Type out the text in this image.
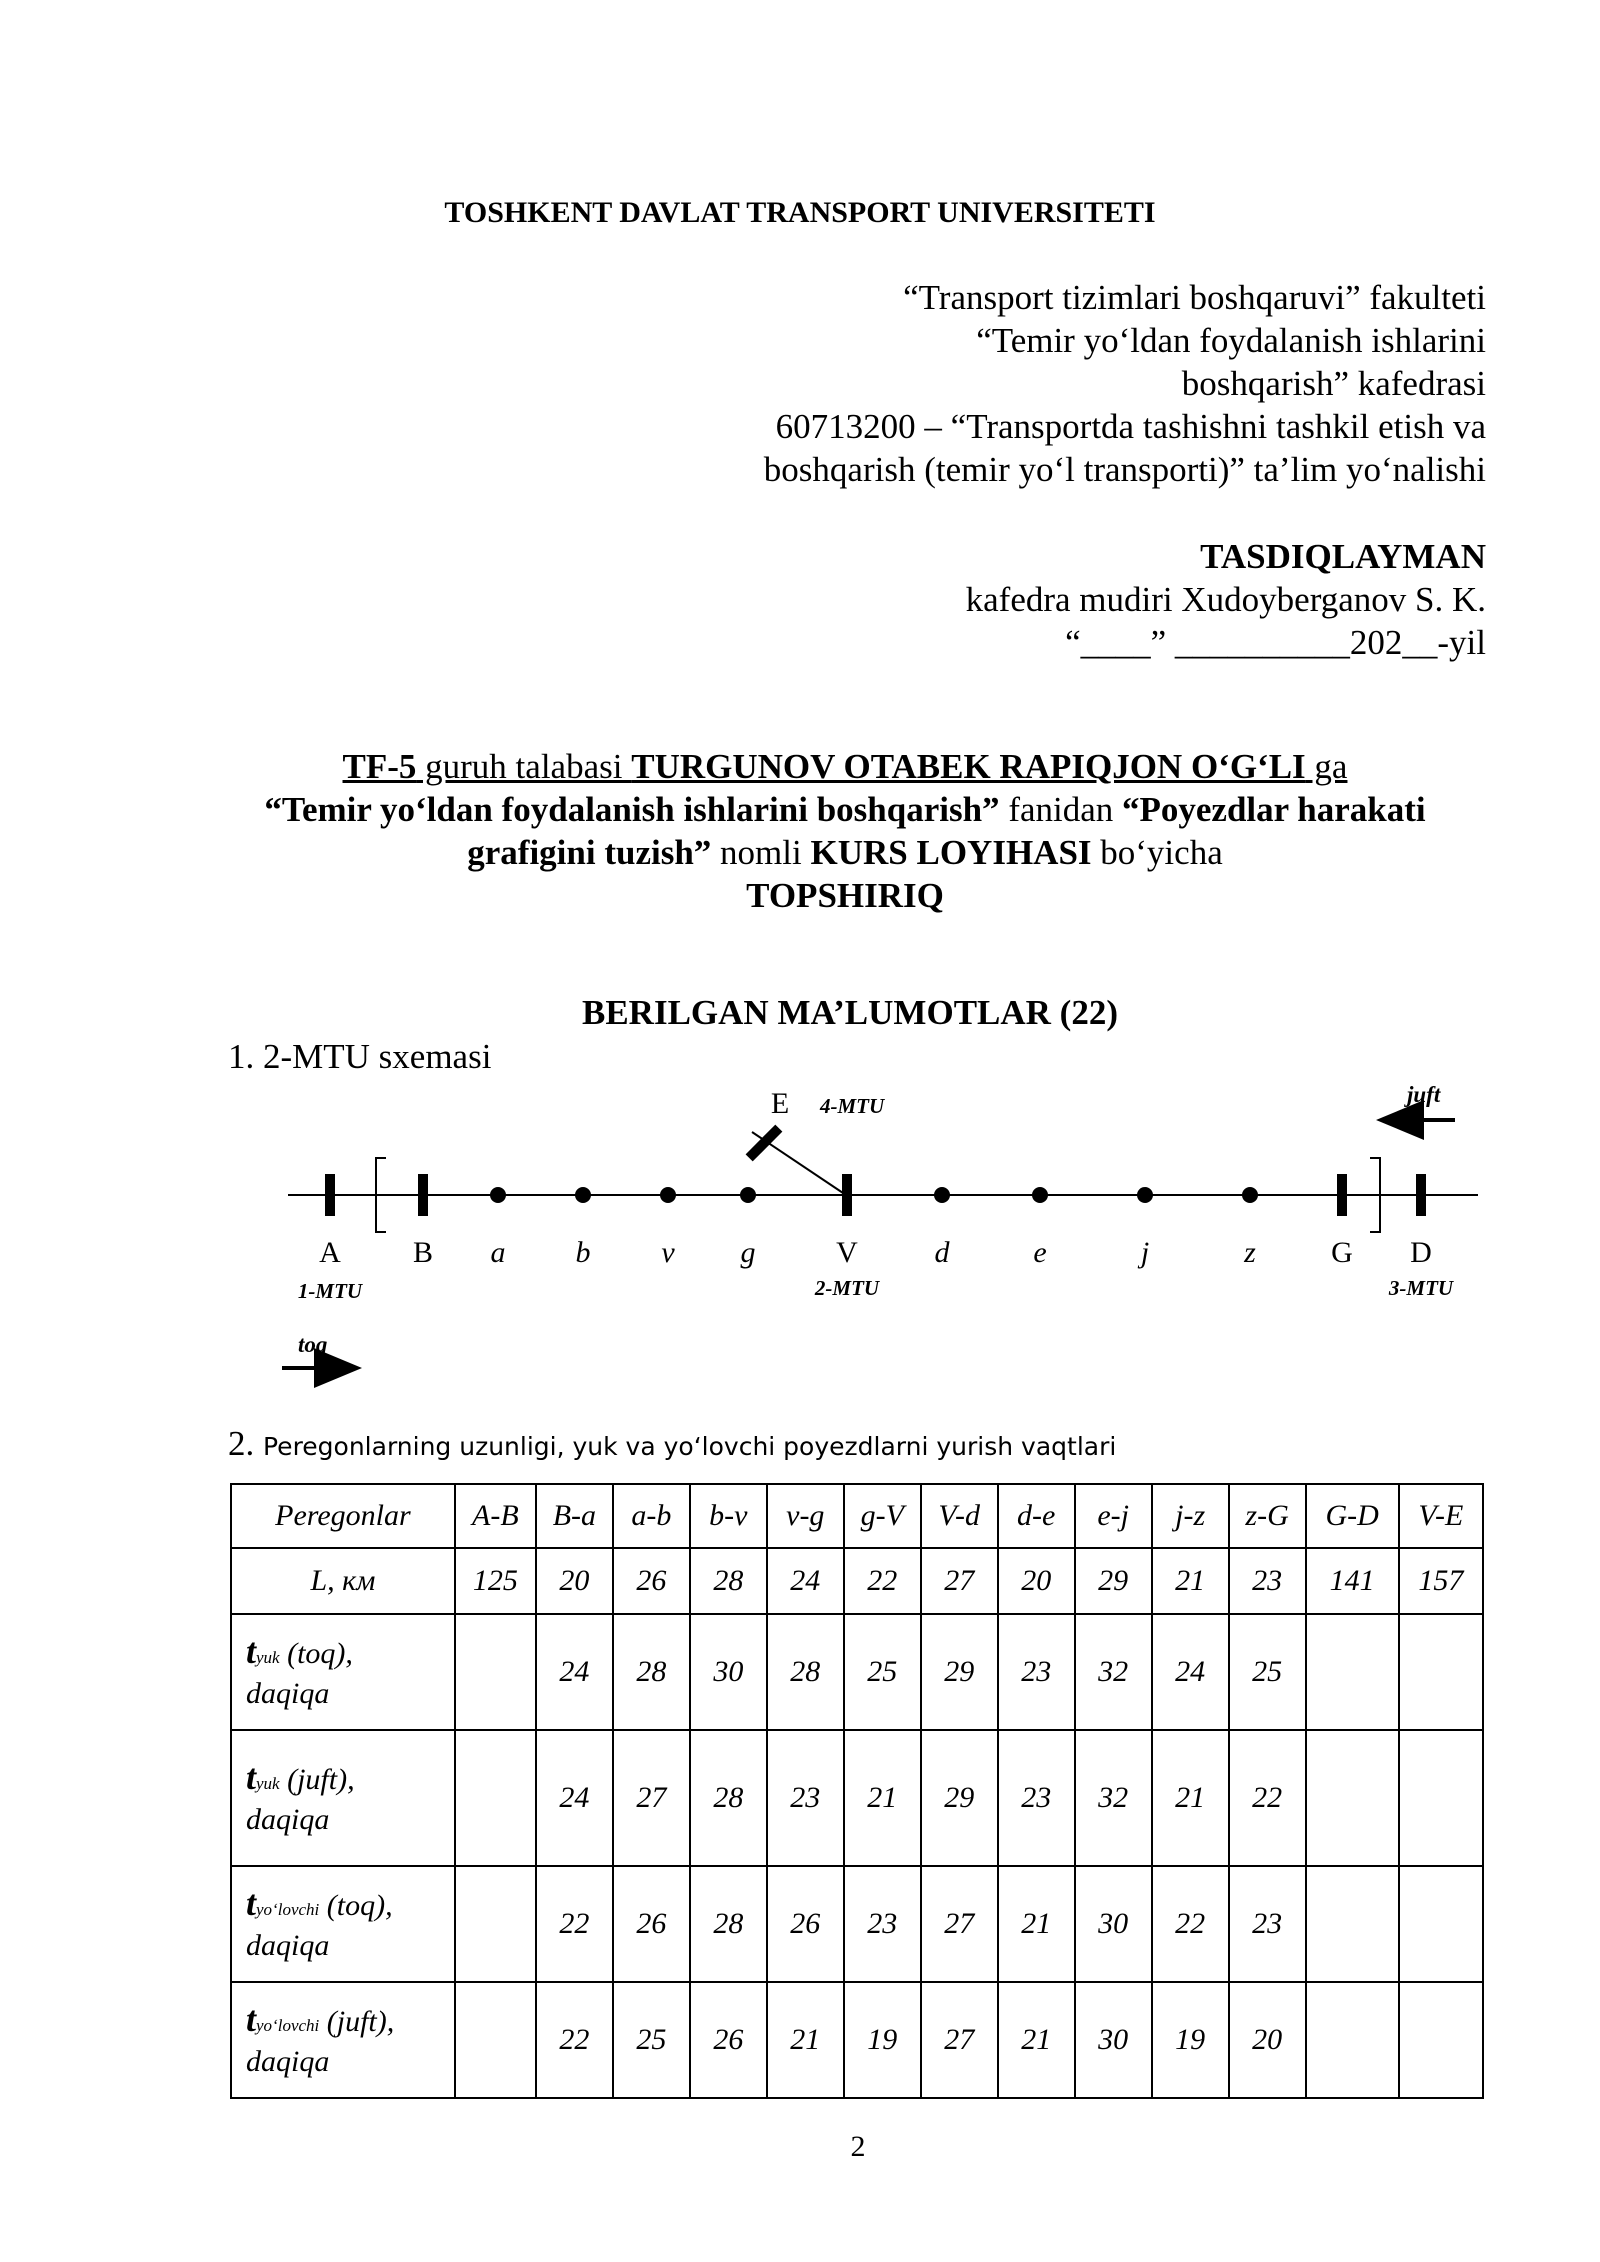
TOSHKENT DAVLAT TRANSPORT UNIVERSITETI
“Transport tizimlari boshqaruvi” fakulteti
“Temir yo‘ldan foydalanish ishlarini
boshqarish” kafedrasi
60713200 – “Transportda tashishni tashkil etish va
boshqarish (temir yo‘l transporti)” ta’lim yo‘nalishi
TASDIQLAYMAN
kafedra mudiri Xudoyberganov S. K.
“____” __________202__-yil
TF-5 guruh talabasi TURGUNOV OTABEK RAPIQJON O‘G‘LI ga
“Temir yo‘ldan foydalanish ishlarini boshqarish” fanidan “Poyezdlar harakati
grafigini tuzish” nomli KURS LOYIHASI bo‘yicha
TOPSHIRIQ
BERILGAN MA’LUMOTLAR (22)
1. 2-MTU sxemasi
E 4-MTU
A B a b v g	V	d	e	j	z	G D
1-MTU	2-MTU	3-MTU
toq
juft
2. Peregonlarning uzunligi, yuk va yo‘lovchi poyezdlarni yurish vaqtlari
Peregonlar	A-B	B-a	a-b	b-v	v-g	g-V	V-d	d-e	e-j	j-z	z-G	G-D	V-E
L, км	125	20	26	28	24	22	27	20	29	21	23	141	157

tyuk (toq),
daqiqa		24	28	30	28	25	29	23	32	24	25		

tyuk (juft),
daqiqa		24	27	28	23	21	29	23	32	21	22		

tyo‘lovchi (toq),
daqiqa		22	26	28	26	23	27	21	30	22	23		

tyo‘lovchi (juft),
daqiqa		22	25	26	21	19	27	21	30	19	20		
2
